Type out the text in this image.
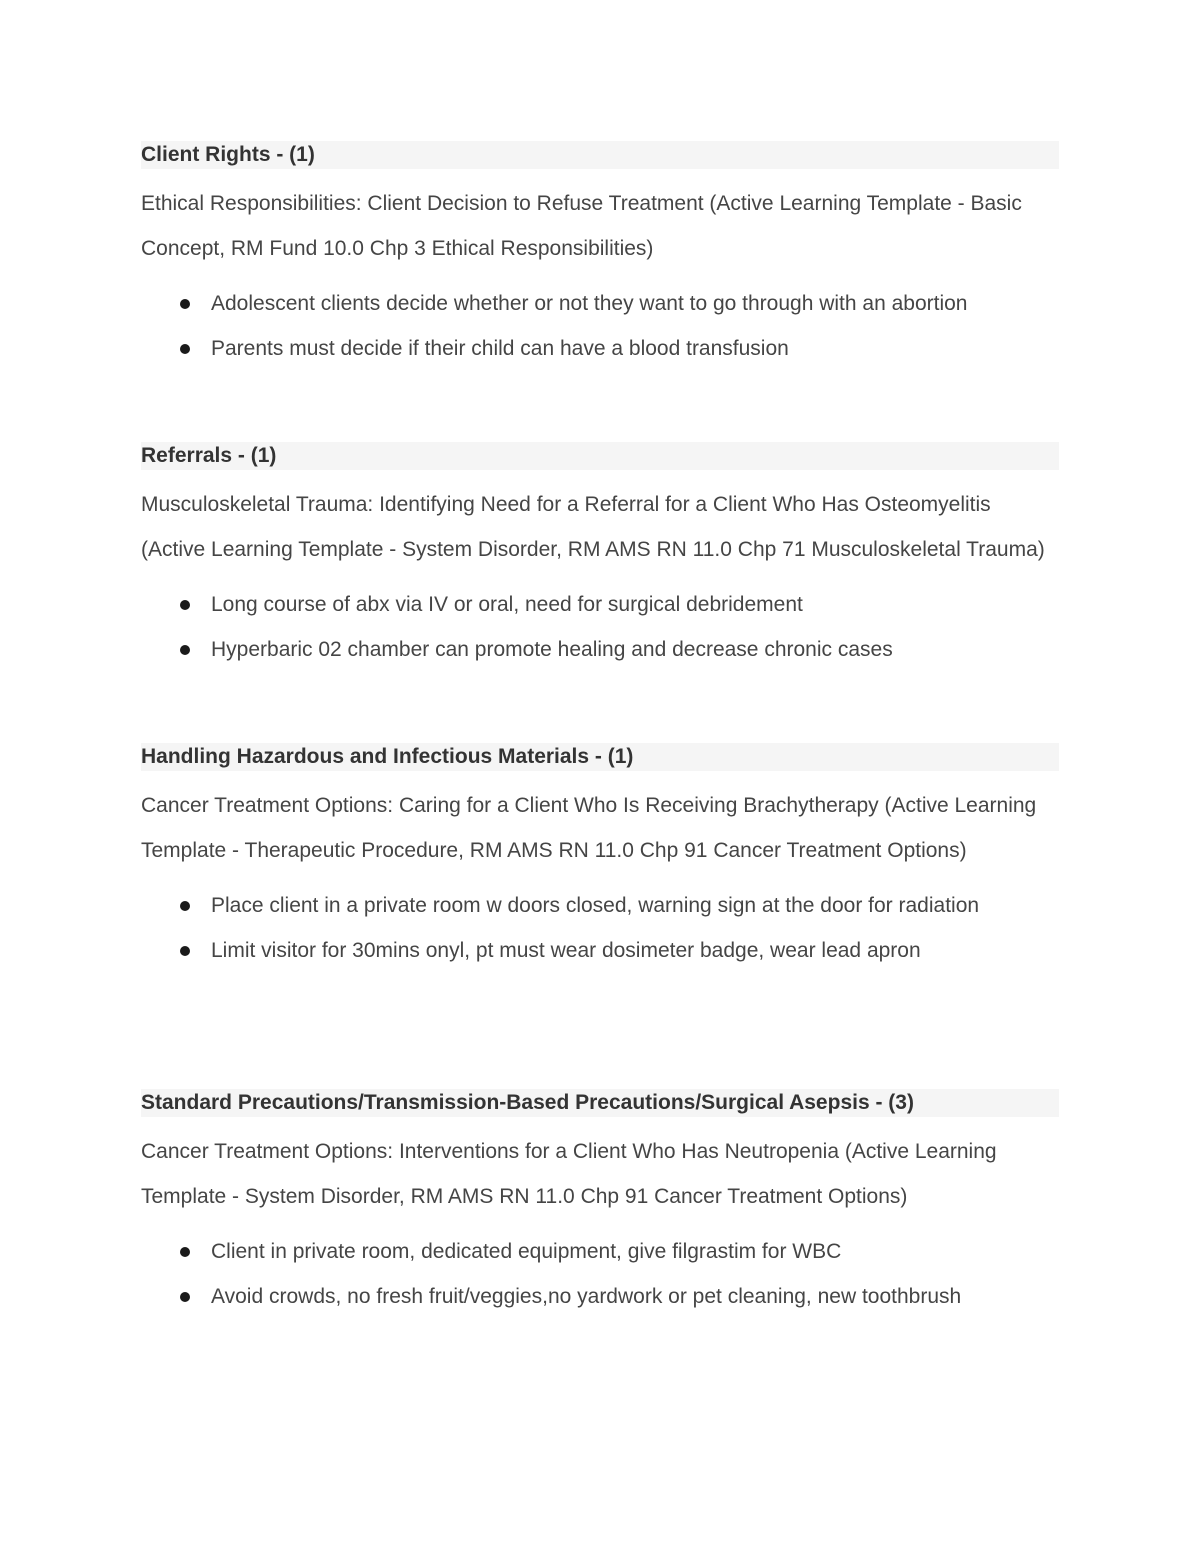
Client Rights - (1)

Ethical Responsibilities: Client Decision to Refuse Treatment (Active Learning Template - Basic Concept, RM Fund 10.0 Chp 3 Ethical Responsibilities)

Adolescent clients decide whether or not they want to go through with an abortion
Parents must decide if their child can have a blood transfusion
Referrals - (1)

Musculoskeletal Trauma: Identifying Need for a Referral for a Client Who Has Osteomyelitis (Active Learning Template - System Disorder, RM AMS RN 11.0 Chp 71 Musculoskeletal Trauma)

Long course of abx via IV or oral, need for surgical debridement
Hyperbaric 02 chamber can promote healing and decrease chronic cases
Handling Hazardous and Infectious Materials - (1)

Cancer Treatment Options: Caring for a Client Who Is Receiving Brachytherapy (Active Learning Template - Therapeutic Procedure, RM AMS RN 11.0 Chp 91 Cancer Treatment Options)

Place client in a private room w doors closed, warning sign at the door for radiation
Limit visitor for 30mins onyl, pt must wear dosimeter badge, wear lead apron
Standard Precautions/Transmission-Based Precautions/Surgical Asepsis - (3)

Cancer Treatment Options: Interventions for a Client Who Has Neutropenia (Active Learning Template - System Disorder, RM AMS RN 11.0 Chp 91 Cancer Treatment Options)

Client in private room, dedicated equipment, give filgrastim for WBC
Avoid crowds, no fresh fruit/veggies,no yardwork or pet cleaning, new toothbrush
